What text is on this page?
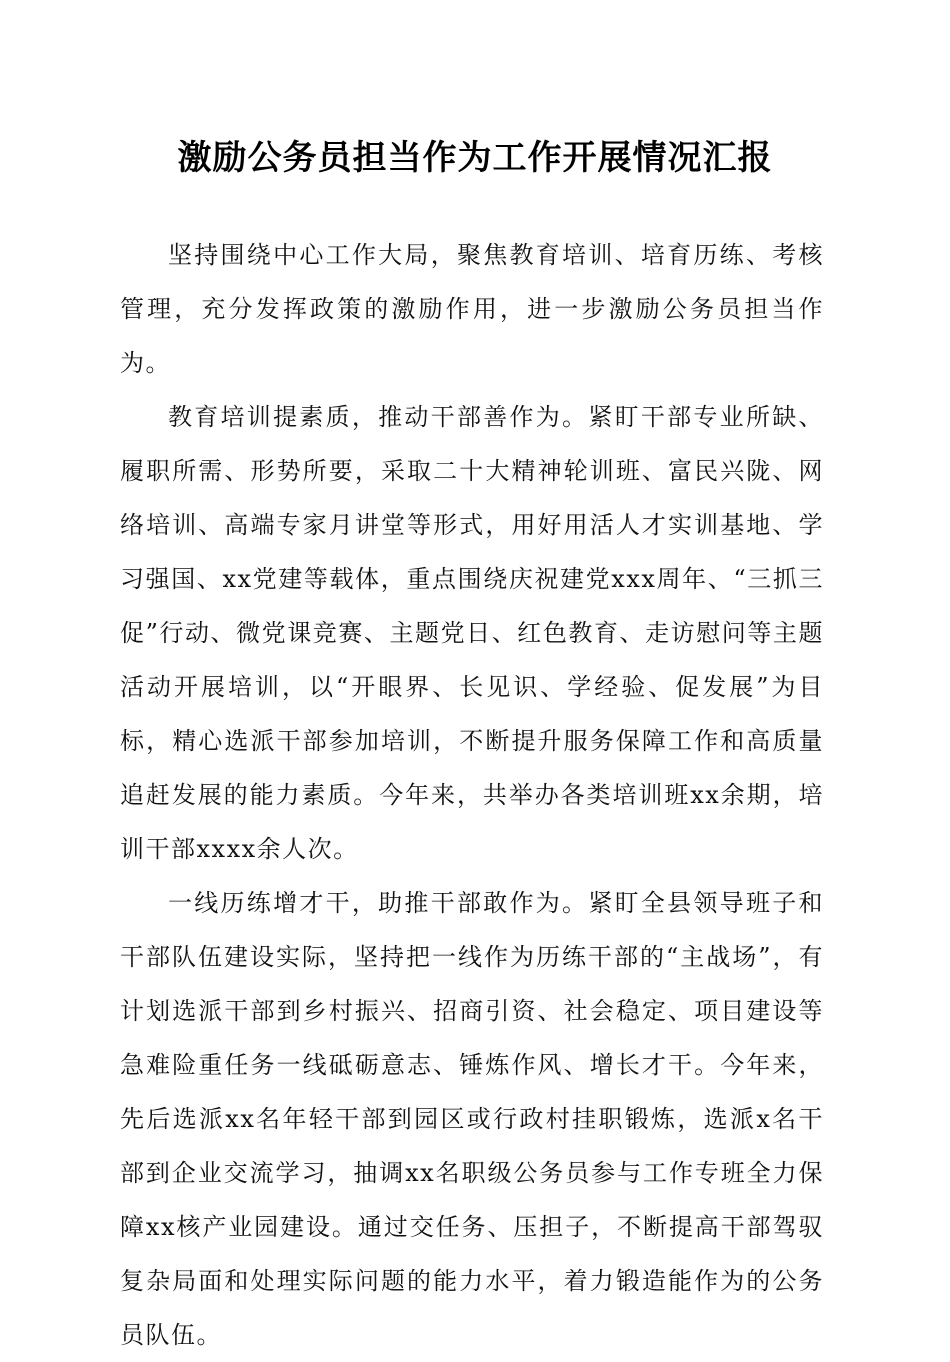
激励公务员担当作为工作开展情况汇报

坚持围绕中心工作大局，聚焦教育培训、培育历练、考核管理，充分发挥政策的激励作用，进一步激励公务员担当作为。

教育培训提素质，推动干部善作为。紧盯干部专业所缺、履职所需、形势所要，采取二十大精神轮训班、富民兴陇、网络培训、高端专家月讲堂等形式，用好用活人才实训基地、学习强国、xx党建等载体，重点围绕庆祝建党xxx周年、“三抓三促”行动、微党课竞赛、主题党日、红色教育、走访慰问等主题活动开展培训，以“开眼界、长见识、学经验、促发展”为目标，精心选派干部参加培训，不断提升服务保障工作和高质量追赶发展的能力素质。今年来，共举办各类培训班xx余期，培训干部xxxx余人次。

一线历练增才干，助推干部敢作为。紧盯全县领导班子和干部队伍建设实际，坚持把一线作为历练干部的“主战场”，有计划选派干部到乡村振兴、招商引资、社会稳定、项目建设等急难险重任务一线砥砺意志、锤炼作风、增长才干。今年来，先后选派xx名年轻干部到园区或行政村挂职锻炼，选派x名干部到企业交流学习，抽调xx名职级公务员参与工作专班全力保障xx核产业园建设。通过交任务、压担子，不断提高干部驾驭复杂局面和处理实际问题的能力水平，着力锻造能作为的公务员队伍。
